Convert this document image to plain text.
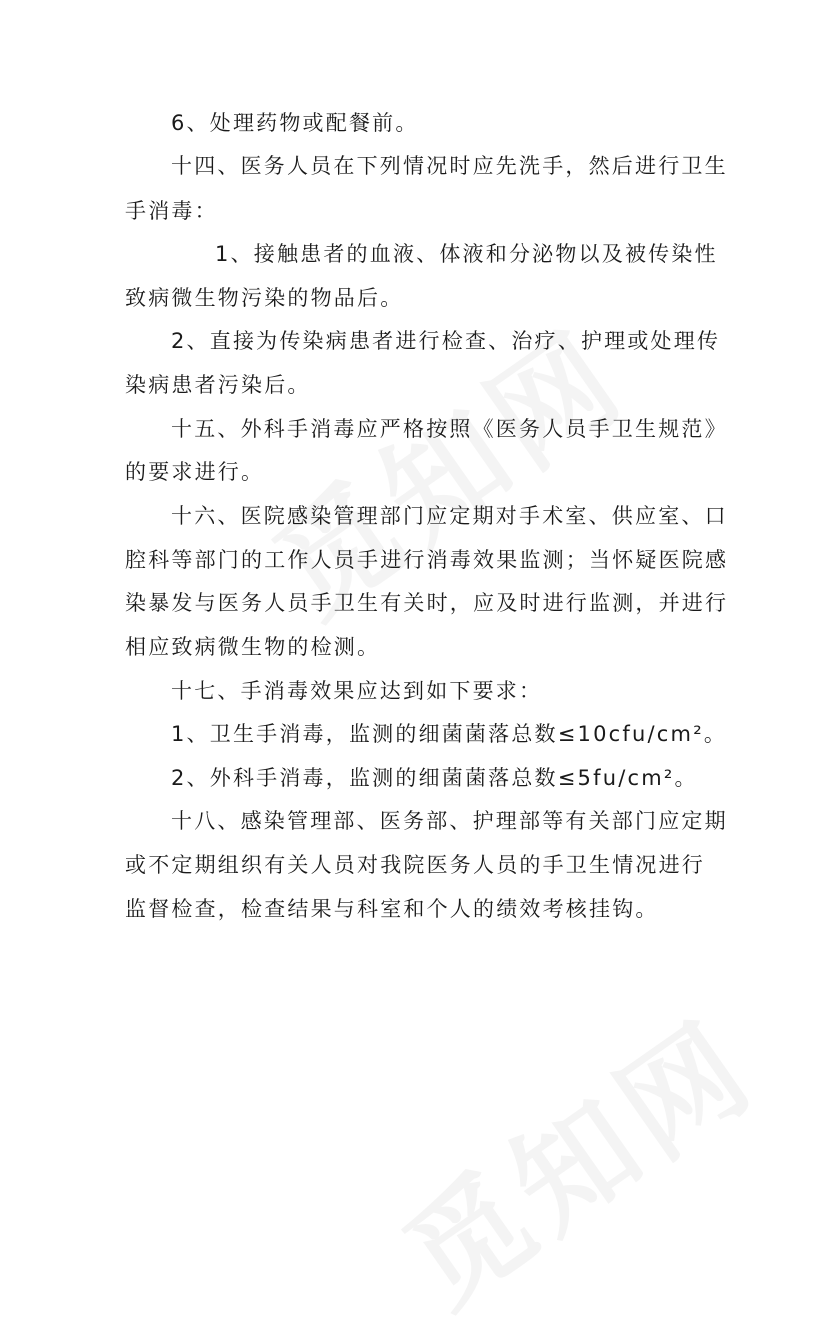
6、处理药物或配餐前。
十四、医务人员在下列情况时应先洗手，然后进行卫生
手消毒：
1、接触患者的血液、体液和分泌物以及被传染性
致病微生物污染的物品后。
2、直接为传染病患者进行检查、治疗、护理或处理传
染病患者污染后。
十五、外科手消毒应严格按照《医务人员手卫生规范》
的要求进行。
十六、医院感染管理部门应定期对手术室、供应室、口
腔科等部门的工作人员手进行消毒效果监测；当怀疑医院感
染暴发与医务人员手卫生有关时，应及时进行监测，并进行
相应致病微生物的检测。
十七、手消毒效果应达到如下要求：
1、卫生手消毒，监测的细菌菌落总数≤10cfu/cm²。
2、外科手消毒，监测的细菌菌落总数≤5fu/cm²。
十八、感染管理部、医务部、护理部等有关部门应定期
或不定期组织有关人员对我院医务人员的手卫生情况进行
监督检查，检查结果与科室和个人的绩效考核挂钩。
